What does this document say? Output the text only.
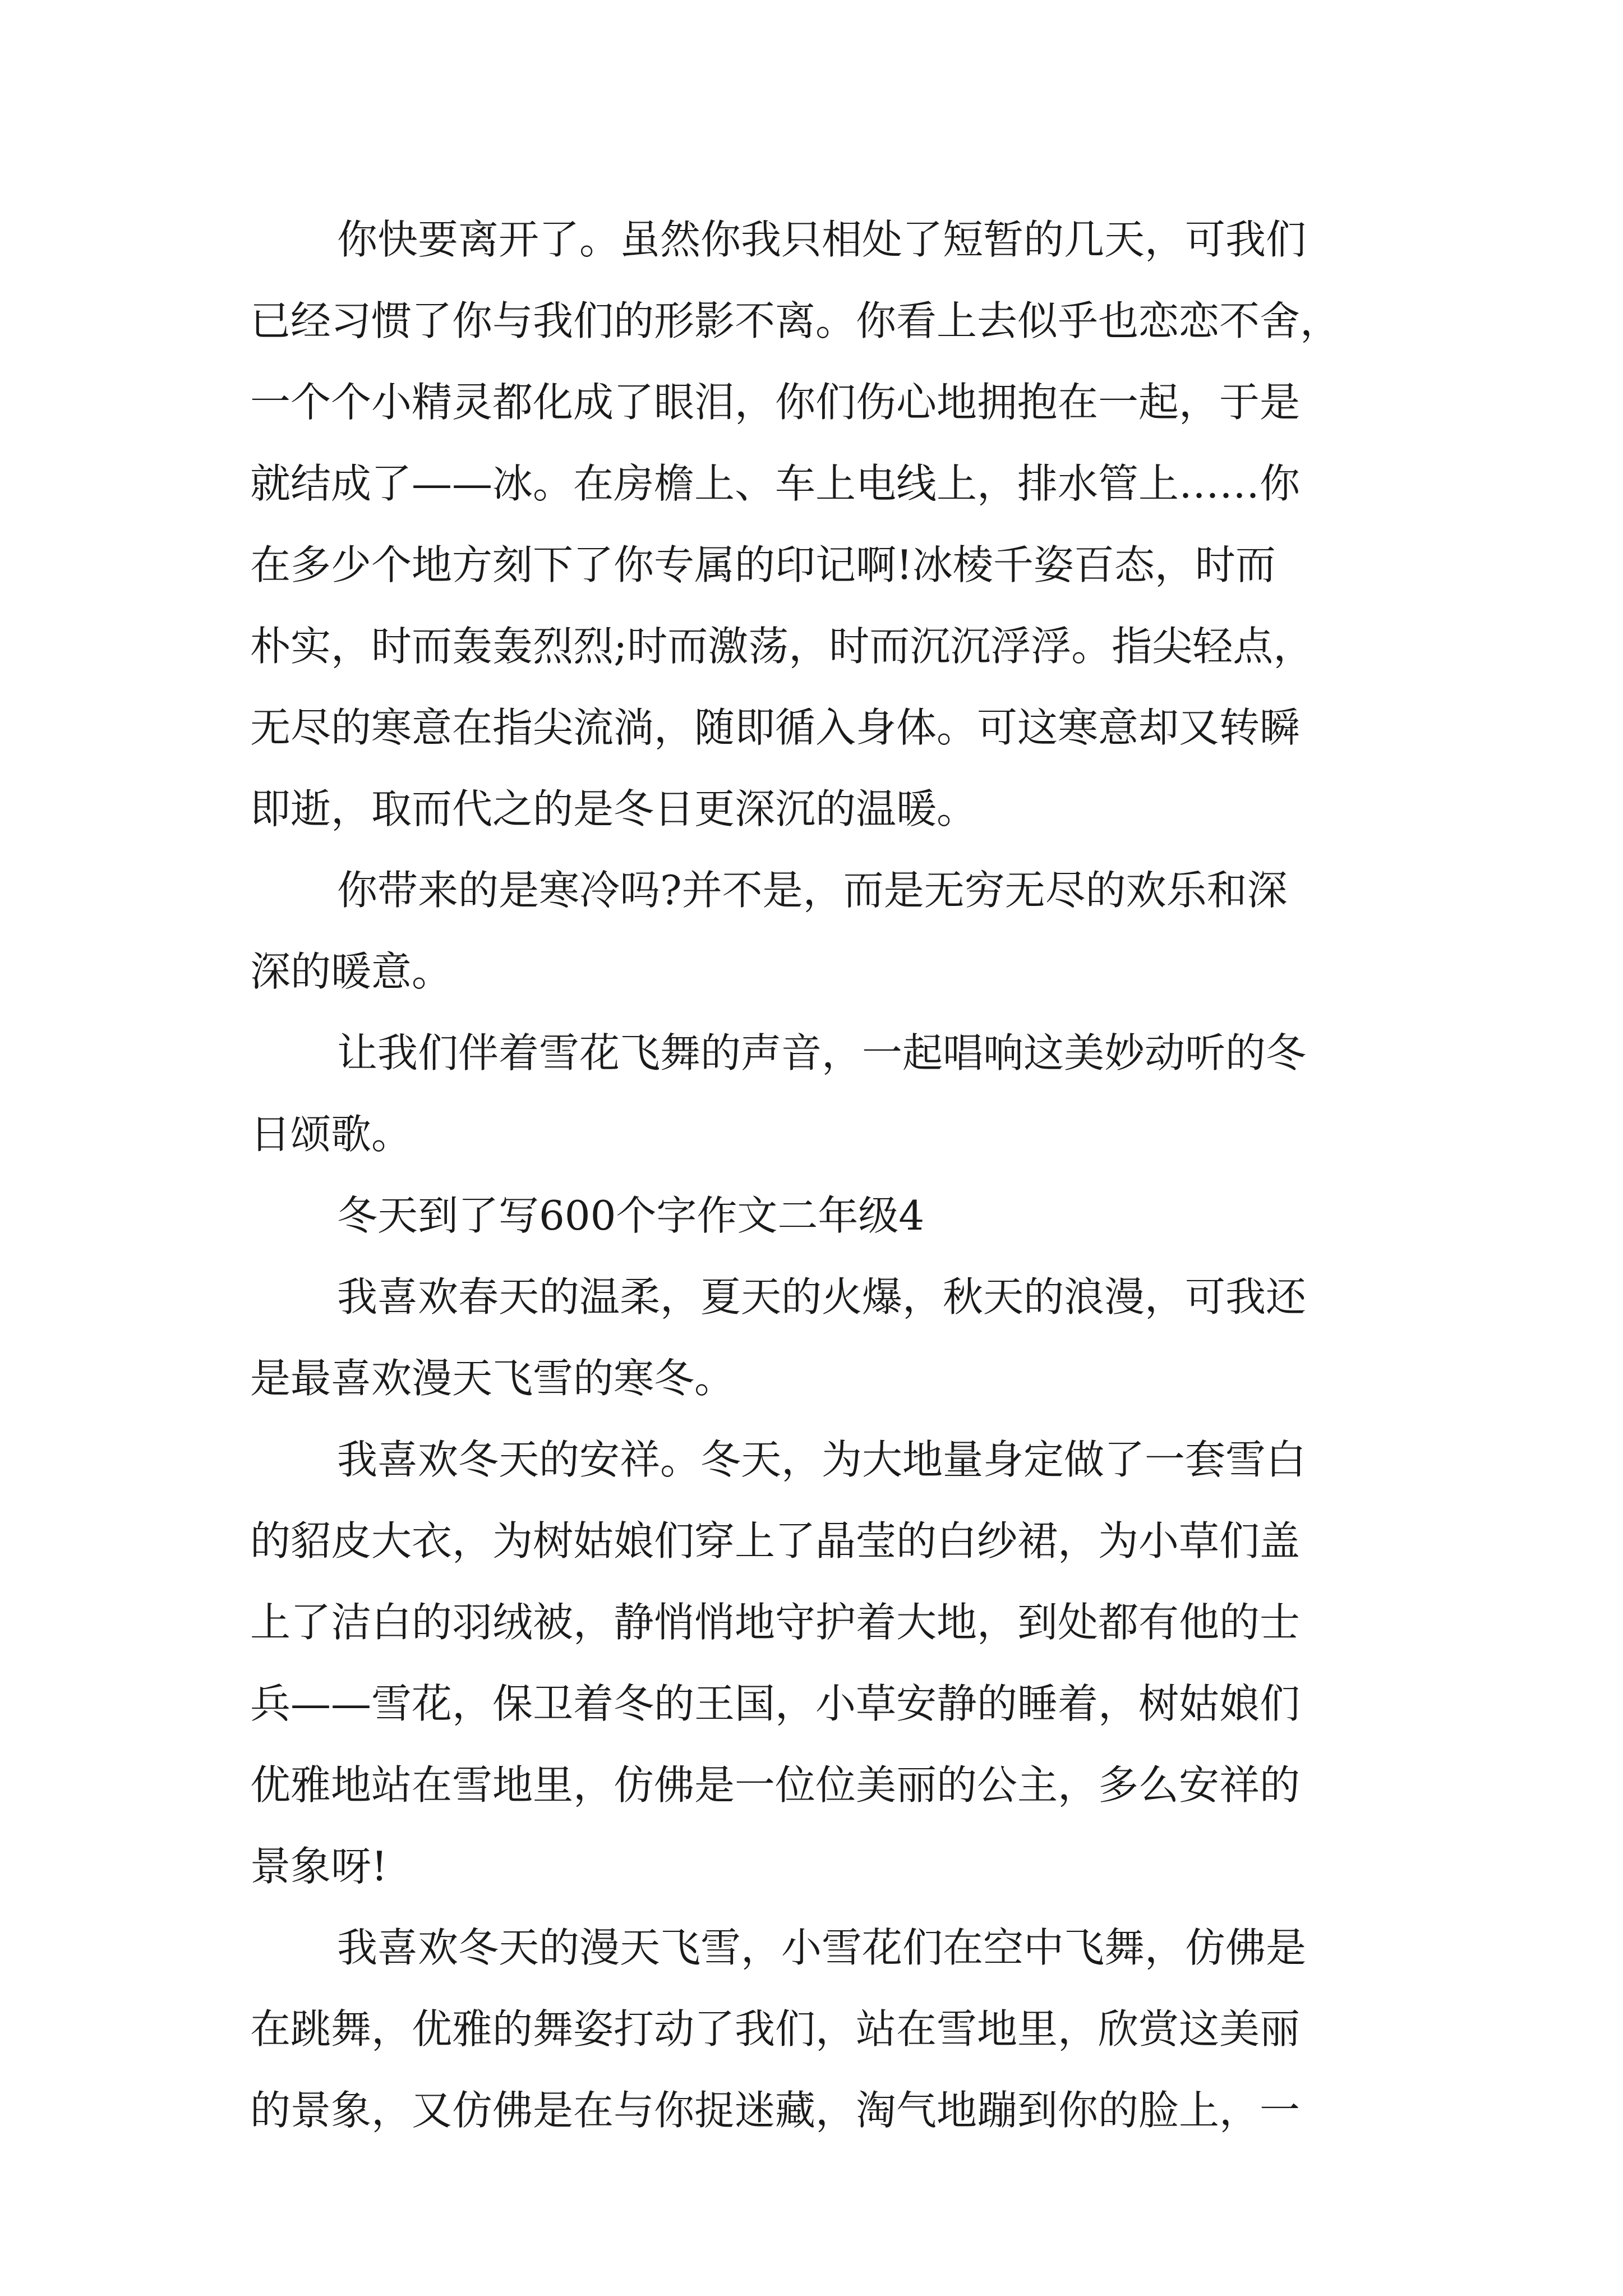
你快要离开了。虽然你我只相处了短暂的几天，可我们
已经习惯了你与我们的形影不离。你看上去似乎也恋恋不舍，
一个个小精灵都化成了眼泪，你们伤心地拥抱在一起，于是
就结成了——冰。在房檐上、车上电线上，排水管上……你
在多少个地方刻下了你专属的印记啊!冰棱千姿百态，时而
朴实，时而轰轰烈烈;时而激荡，时而沉沉浮浮。指尖轻点，
无尽的寒意在指尖流淌，随即循入身体。可这寒意却又转瞬
即逝，取而代之的是冬日更深沉的温暖。
你带来的是寒冷吗?并不是，而是无穷无尽的欢乐和深
深的暖意。
让我们伴着雪花飞舞的声音，一起唱响这美妙动听的冬
日颂歌。
冬天到了写600个字作文二年级4
我喜欢春天的温柔，夏天的火爆，秋天的浪漫，可我还
是最喜欢漫天飞雪的寒冬。
我喜欢冬天的安祥。冬天，为大地量身定做了一套雪白
的貂皮大衣，为树姑娘们穿上了晶莹的白纱裙，为小草们盖
上了洁白的羽绒被，静悄悄地守护着大地，到处都有他的士
兵——雪花，保卫着冬的王国，小草安静的睡着，树姑娘们
优雅地站在雪地里，仿佛是一位位美丽的公主，多么安祥的
景象呀!
我喜欢冬天的漫天飞雪，小雪花们在空中飞舞，仿佛是
在跳舞，优雅的舞姿打动了我们，站在雪地里，欣赏这美丽
的景象，又仿佛是在与你捉迷藏，淘气地蹦到你的脸上，一
